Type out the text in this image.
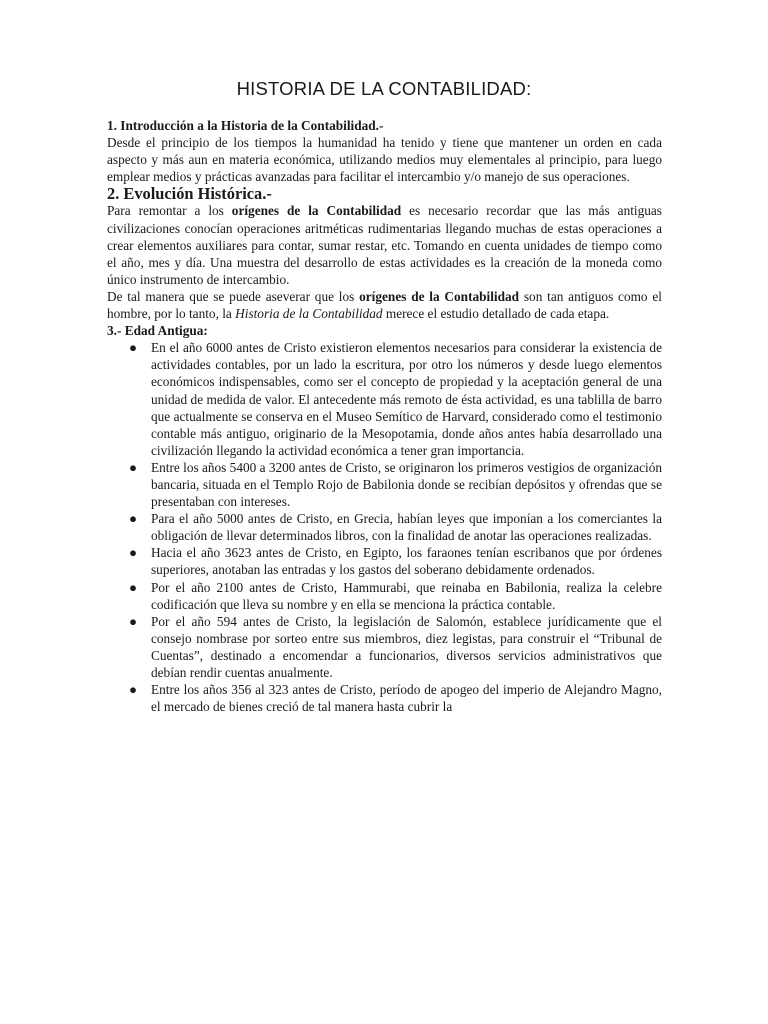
HISTORIA DE LA CONTABILIDAD:

1. Introducción a la Historia de la Contabilidad.-

Desde el principio de los tiempos la humanidad ha tenido y tiene que mantener un orden en cada aspecto y más aun en materia económica, utilizando medios muy elementales al principio, para luego emplear medios y prácticas avanzadas para facilitar el intercambio y/o manejo de sus operaciones.

2. Evolución Histórica.-

Para remontar a los orígenes de la Contabilidad es necesario recordar que las más antiguas civilizaciones conocían operaciones aritméticas rudimentarias llegando muchas de estas operaciones a crear elementos auxiliares para contar, sumar restar, etc. Tomando en cuenta unidades de tiempo como el año, mes y día. Una muestra del desarrollo de estas actividades es la creación de la moneda como único instrumento de intercambio.

De tal manera que se puede aseverar que los orígenes de la Contabilidad son tan antiguos como el hombre, por lo tanto, la Historia de la Contabilidad merece el estudio detallado de cada etapa.

3.- Edad Antigua:

● En el año 6000 antes de Cristo existieron elementos necesarios para considerar la existencia de actividades contables, por un lado la escritura, por otro los números y desde luego elementos económicos indispensables, como ser el concepto de propiedad y la aceptación general de una unidad de medida de valor. El antecedente más remoto de ésta actividad, es una tablilla de barro que actualmente se conserva en el Museo Semítico de Harvard, considerado como el testimonio contable más antiguo, originario de la Mesopotamia, donde años antes había desarrollado una civilización llegando la actividad económica a tener gran importancia.

● Entre los años 5400 a 3200 antes de Cristo, se originaron los primeros vestigios de organización bancaria, situada en el Templo Rojo de Babilonia donde se recibían depósitos y ofrendas que se presentaban con intereses.

● Para el año 5000 antes de Cristo, en Grecia, habían leyes que imponían a los comerciantes la obligación de llevar determinados libros, con la finalidad de anotar las operaciones realizadas.

● Hacia el año 3623 antes de Cristo, en Egipto, los faraones tenían escribanos que por órdenes superiores, anotaban las entradas y los gastos del soberano debidamente ordenados.

● Por el año 2100 antes de Cristo, Hammurabi, que reinaba en Babilonia, realiza la celebre codificación que lleva su nombre y en ella se menciona la práctica contable.

● Por el año 594 antes de Cristo, la legislación de Salomón, establece jurídicamente que el consejo nombrase por sorteo entre sus miembros, diez legistas, para construir el “Tribunal de Cuentas”, destinado a encomendar a funcionarios, diversos servicios administrativos que debían rendir cuentas anualmente.

● Entre los años 356 al 323 antes de Cristo, período de apogeo del imperio de Alejandro Magno, el mercado de bienes creció de tal manera hasta cubrir la
